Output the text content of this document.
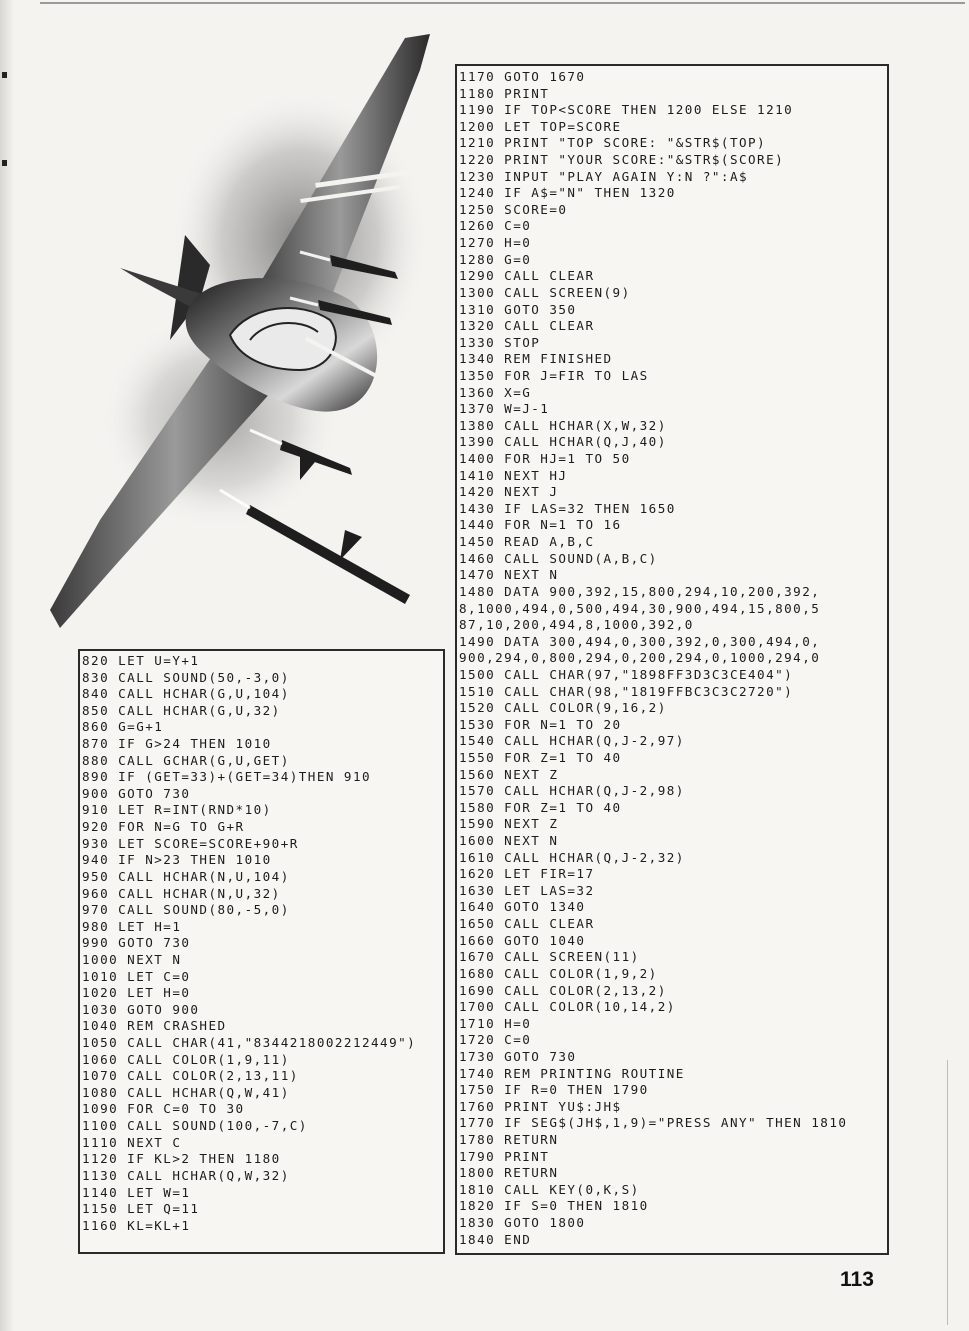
820 LET U=Y+1
830 CALL SOUND(50,-3,0)
840 CALL HCHAR(G,U,104)
850 CALL HCHAR(G,U,32)
860 G=G+1
870 IF G>24 THEN 1010
880 CALL GCHAR(G,U,GET)
890 IF (GET=33)+(GET=34)THEN 910
900 GOTO 730
910 LET R=INT(RND*10)
920 FOR N=G TO G+R
930 LET SCORE=SCORE+90+R
940 IF N>23 THEN 1010
950 CALL HCHAR(N,U,104)
960 CALL HCHAR(N,U,32)
970 CALL SOUND(80,-5,0)
980 LET H=1
990 GOTO 730
1000 NEXT N
1010 LET C=0
1020 LET H=0
1030 GOTO 900
1040 REM CRASHED
1050 CALL CHAR(41,"8344218002212449")
1060 CALL COLOR(1,9,11)
1070 CALL COLOR(2,13,11)
1080 CALL HCHAR(Q,W,41)
1090 FOR C=0 TO 30
1100 CALL SOUND(100,-7,C)
1110 NEXT C
1120 IF KL>2 THEN 1180
1130 CALL HCHAR(Q,W,32)
1140 LET W=1
1150 LET Q=11
1160 KL=KL+1
1170 GOTO 1670
1180 PRINT
1190 IF TOP<SCORE THEN 1200 ELSE 1210
1200 LET TOP=SCORE
1210 PRINT "TOP SCORE: "&STR$(TOP)
1220 PRINT "YOUR SCORE:"&STR$(SCORE)
1230 INPUT "PLAY AGAIN Y:N ?":A$
1240 IF A$="N" THEN 1320
1250 SCORE=0
1260 C=0
1270 H=0
1280 G=0
1290 CALL CLEAR
1300 CALL SCREEN(9)
1310 GOTO 350
1320 CALL CLEAR
1330 STOP
1340 REM FINISHED
1350 FOR J=FIR TO LAS
1360 X=G
1370 W=J-1
1380 CALL HCHAR(X,W,32)
1390 CALL HCHAR(Q,J,40)
1400 FOR HJ=1 TO 50
1410 NEXT HJ
1420 NEXT J
1430 IF LAS=32 THEN 1650
1440 FOR N=1 TO 16
1450 READ A,B,C
1460 CALL SOUND(A,B,C)
1470 NEXT N
1480 DATA 900,392,15,800,294,10,200,392,
8,1000,494,0,500,494,30,900,494,15,800,5
87,10,200,494,8,1000,392,0
1490 DATA 300,494,0,300,392,0,300,494,0,
900,294,0,800,294,0,200,294,0,1000,294,0
1500 CALL CHAR(97,"1898FF3D3C3CE404")
1510 CALL CHAR(98,"1819FFBC3C3C2720")
1520 CALL COLOR(9,16,2)
1530 FOR N=1 TO 20
1540 CALL HCHAR(Q,J-2,97)
1550 FOR Z=1 TO 40
1560 NEXT Z
1570 CALL HCHAR(Q,J-2,98)
1580 FOR Z=1 TO 40
1590 NEXT Z
1600 NEXT N
1610 CALL HCHAR(Q,J-2,32)
1620 LET FIR=17
1630 LET LAS=32
1640 GOTO 1340
1650 CALL CLEAR
1660 GOTO 1040
1670 CALL SCREEN(11)
1680 CALL COLOR(1,9,2)
1690 CALL COLOR(2,13,2)
1700 CALL COLOR(10,14,2)
1710 H=0
1720 C=0
1730 GOTO 730
1740 REM PRINTING ROUTINE
1750 IF R=0 THEN 1790
1760 PRINT YU$:JH$
1770 IF SEG$(JH$,1,9)="PRESS ANY" THEN 1810
1780 RETURN
1790 PRINT
1800 RETURN
1810 CALL KEY(0,K,S)
1820 IF S=0 THEN 1810
1830 GOTO 1800
1840 END
113
